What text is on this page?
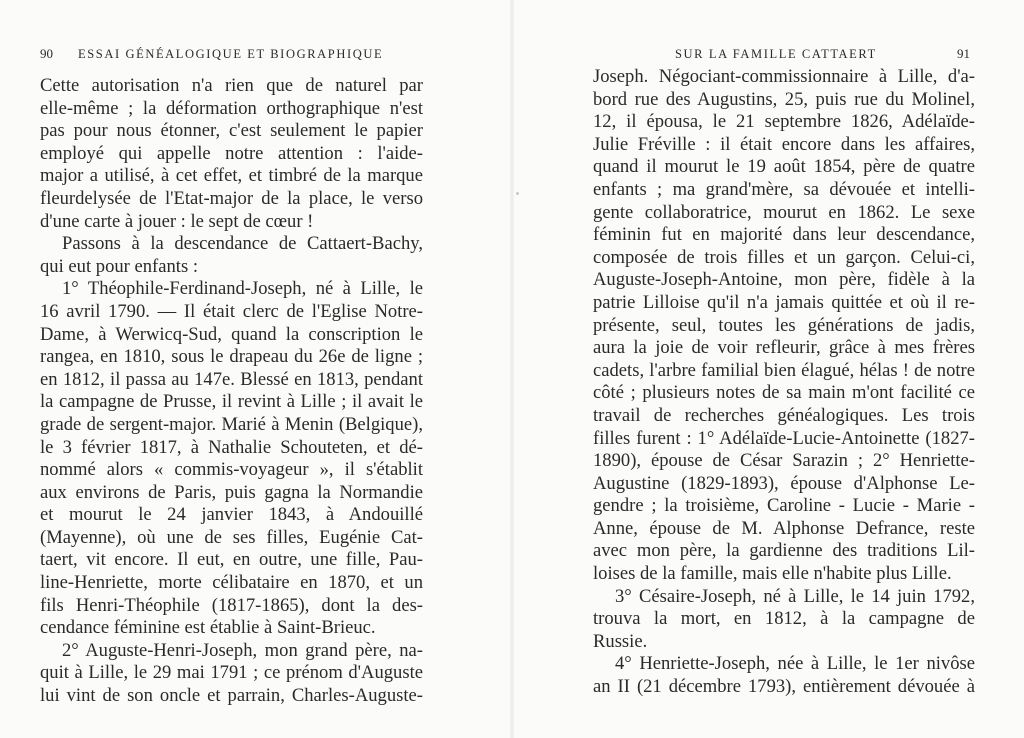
90 ESSAI GÉNÉALOGIQUE ET BIOGRAPHIQUE
Cette autorisation n'a rien que de naturel par
elle-même ; la déformation orthographique n'est
pas pour nous étonner, c'est seulement le papier
employé qui appelle notre attention : l'aide-
major a utilisé, à cet effet, et timbré de la marque
fleurdelysée de l'Etat-major de la place, le verso
d'une carte à jouer : le sept de cœur !
Passons à la descendance de Cattaert-Bachy,
qui eut pour enfants :
1° Théophile-Ferdinand-Joseph, né à Lille, le
16 avril 1790. — Il était clerc de l'Eglise Notre-
Dame, à Werwicq-Sud, quand la conscription le
rangea, en 1810, sous le drapeau du 26e de ligne ;
en 1812, il passa au 147e. Blessé en 1813, pendant
la campagne de Prusse, il revint à Lille ; il avait le
grade de sergent-major. Marié à Menin (Belgique),
le 3 février 1817, à Nathalie Schouteten, et dé-
nommé alors « commis-voyageur », il s'établit
aux environs de Paris, puis gagna la Normandie
et mourut le 24 janvier 1843, à Andouillé
(Mayenne), où une de ses filles, Eugénie Cat-
taert, vit encore. Il eut, en outre, une fille, Pau-
line-Henriette, morte célibataire en 1870, et un
fils Henri-Théophile (1817-1865), dont la des-
cendance féminine est établie à Saint-Brieuc.
2° Auguste-Henri-Joseph, mon grand père, na-
quit à Lille, le 29 mai 1791 ; ce prénom d'Auguste
lui vint de son oncle et parrain, Charles-Auguste-
SUR LA FAMILLE CATTAERT	91
Joseph. Négociant-commissionnaire à Lille, d'a-
bord rue des Augustins, 25, puis rue du Molinel,
12, il épousa, le 21 septembre 1826, Adélaïde-
Julie Fréville : il était encore dans les affaires,
quand il mourut le 19 août 1854, père de quatre
enfants ; ma grand'mère, sa dévouée et intelli-
gente collaboratrice, mourut en 1862. Le sexe
féminin fut en majorité dans leur descendance,
composée de trois filles et un garçon. Celui-ci,
Auguste-Joseph-Antoine, mon père, fidèle à la
patrie Lilloise qu'il n'a jamais quittée et où il re-
présente, seul, toutes les générations de jadis,
aura la joie de voir refleurir, grâce à mes frères
cadets, l'arbre familial bien élagué, hélas ! de notre
côté ; plusieurs notes de sa main m'ont facilité ce
travail de recherches généalogiques. Les trois
filles furent : 1° Adélaïde-Lucie-Antoinette (1827-
1890), épouse de César Sarazin ; 2° Henriette-
Augustine (1829-1893), épouse d'Alphonse Le-
gendre ; la troisième, Caroline - Lucie - Marie -
Anne, épouse de M. Alphonse Defrance, reste
avec mon père, la gardienne des traditions Lil-
loises de la famille, mais elle n'habite plus Lille.
3° Césaire-Joseph, né à Lille, le 14 juin 1792,
trouva la mort, en 1812, à la campagne de
Russie.
4° Henriette-Joseph, née à Lille, le 1er nivôse
an II (21 décembre 1793), entièrement dévouée à
